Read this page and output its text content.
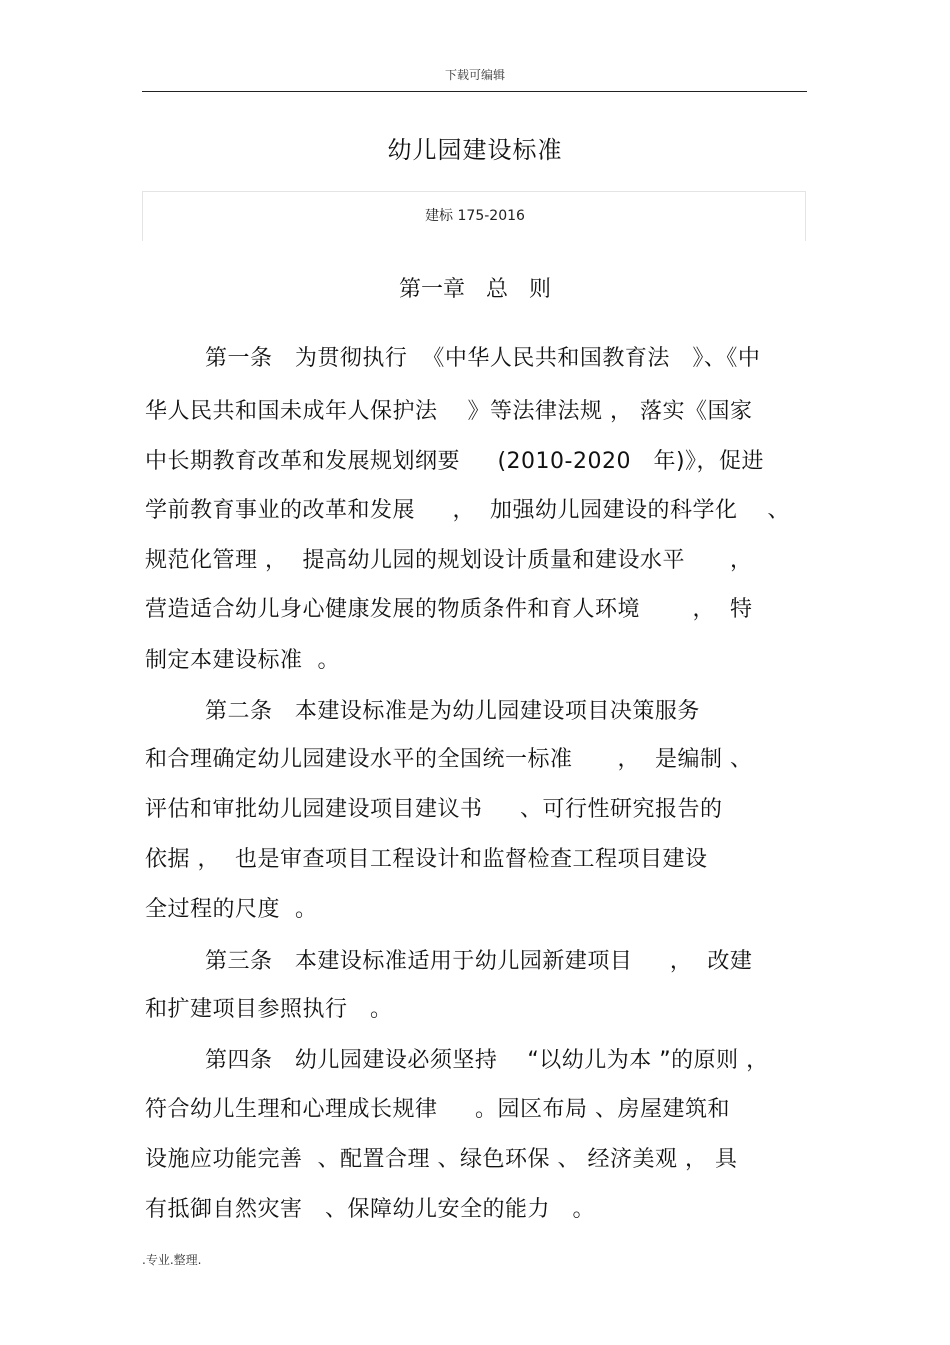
下载可编辑
幼儿园建设标准
建标 175-2016
第一章   总   则
第一条   为贯彻执行  《中华人民共和国教育法   》、《中
华人民共和国未成年人保护法    》等法律法规 ， 落实《国家
中长期教育改革和发展规划纲要     (2010-2020   年)》，促进
学前教育事业的改革和发展     ，  加强幼儿园建设的科学化    、
规范化管理 ，  提高幼儿园的规划设计质量和建设水平      ，
营造适合幼儿身心健康发展的物质条件和育人环境       ，  特
制定本建设标准  。
第二条   本建设标准是为幼儿园建设项目决策服务
和合理确定幼儿园建设水平的全国统一标准      ，  是编制 、
评估和审批幼儿园建设项目建议书     、可行性研究报告的
依据 ，  也是审查项目工程设计和监督检查工程项目建设
全过程的尺度  。
第三条   本建设标准适用于幼儿园新建项目     ，  改建
和扩建项目参照执行   。
第四条   幼儿园建设必须坚持    “以幼儿为本 ”的原则 ，
符合幼儿生理和心理成长规律     。园区布局 、房屋建筑和
设施应功能完善  、配置合理 、绿色环保 、 经济美观 ， 具
有抵御自然灾害   、保障幼儿安全的能力   。
.专业.整理.
